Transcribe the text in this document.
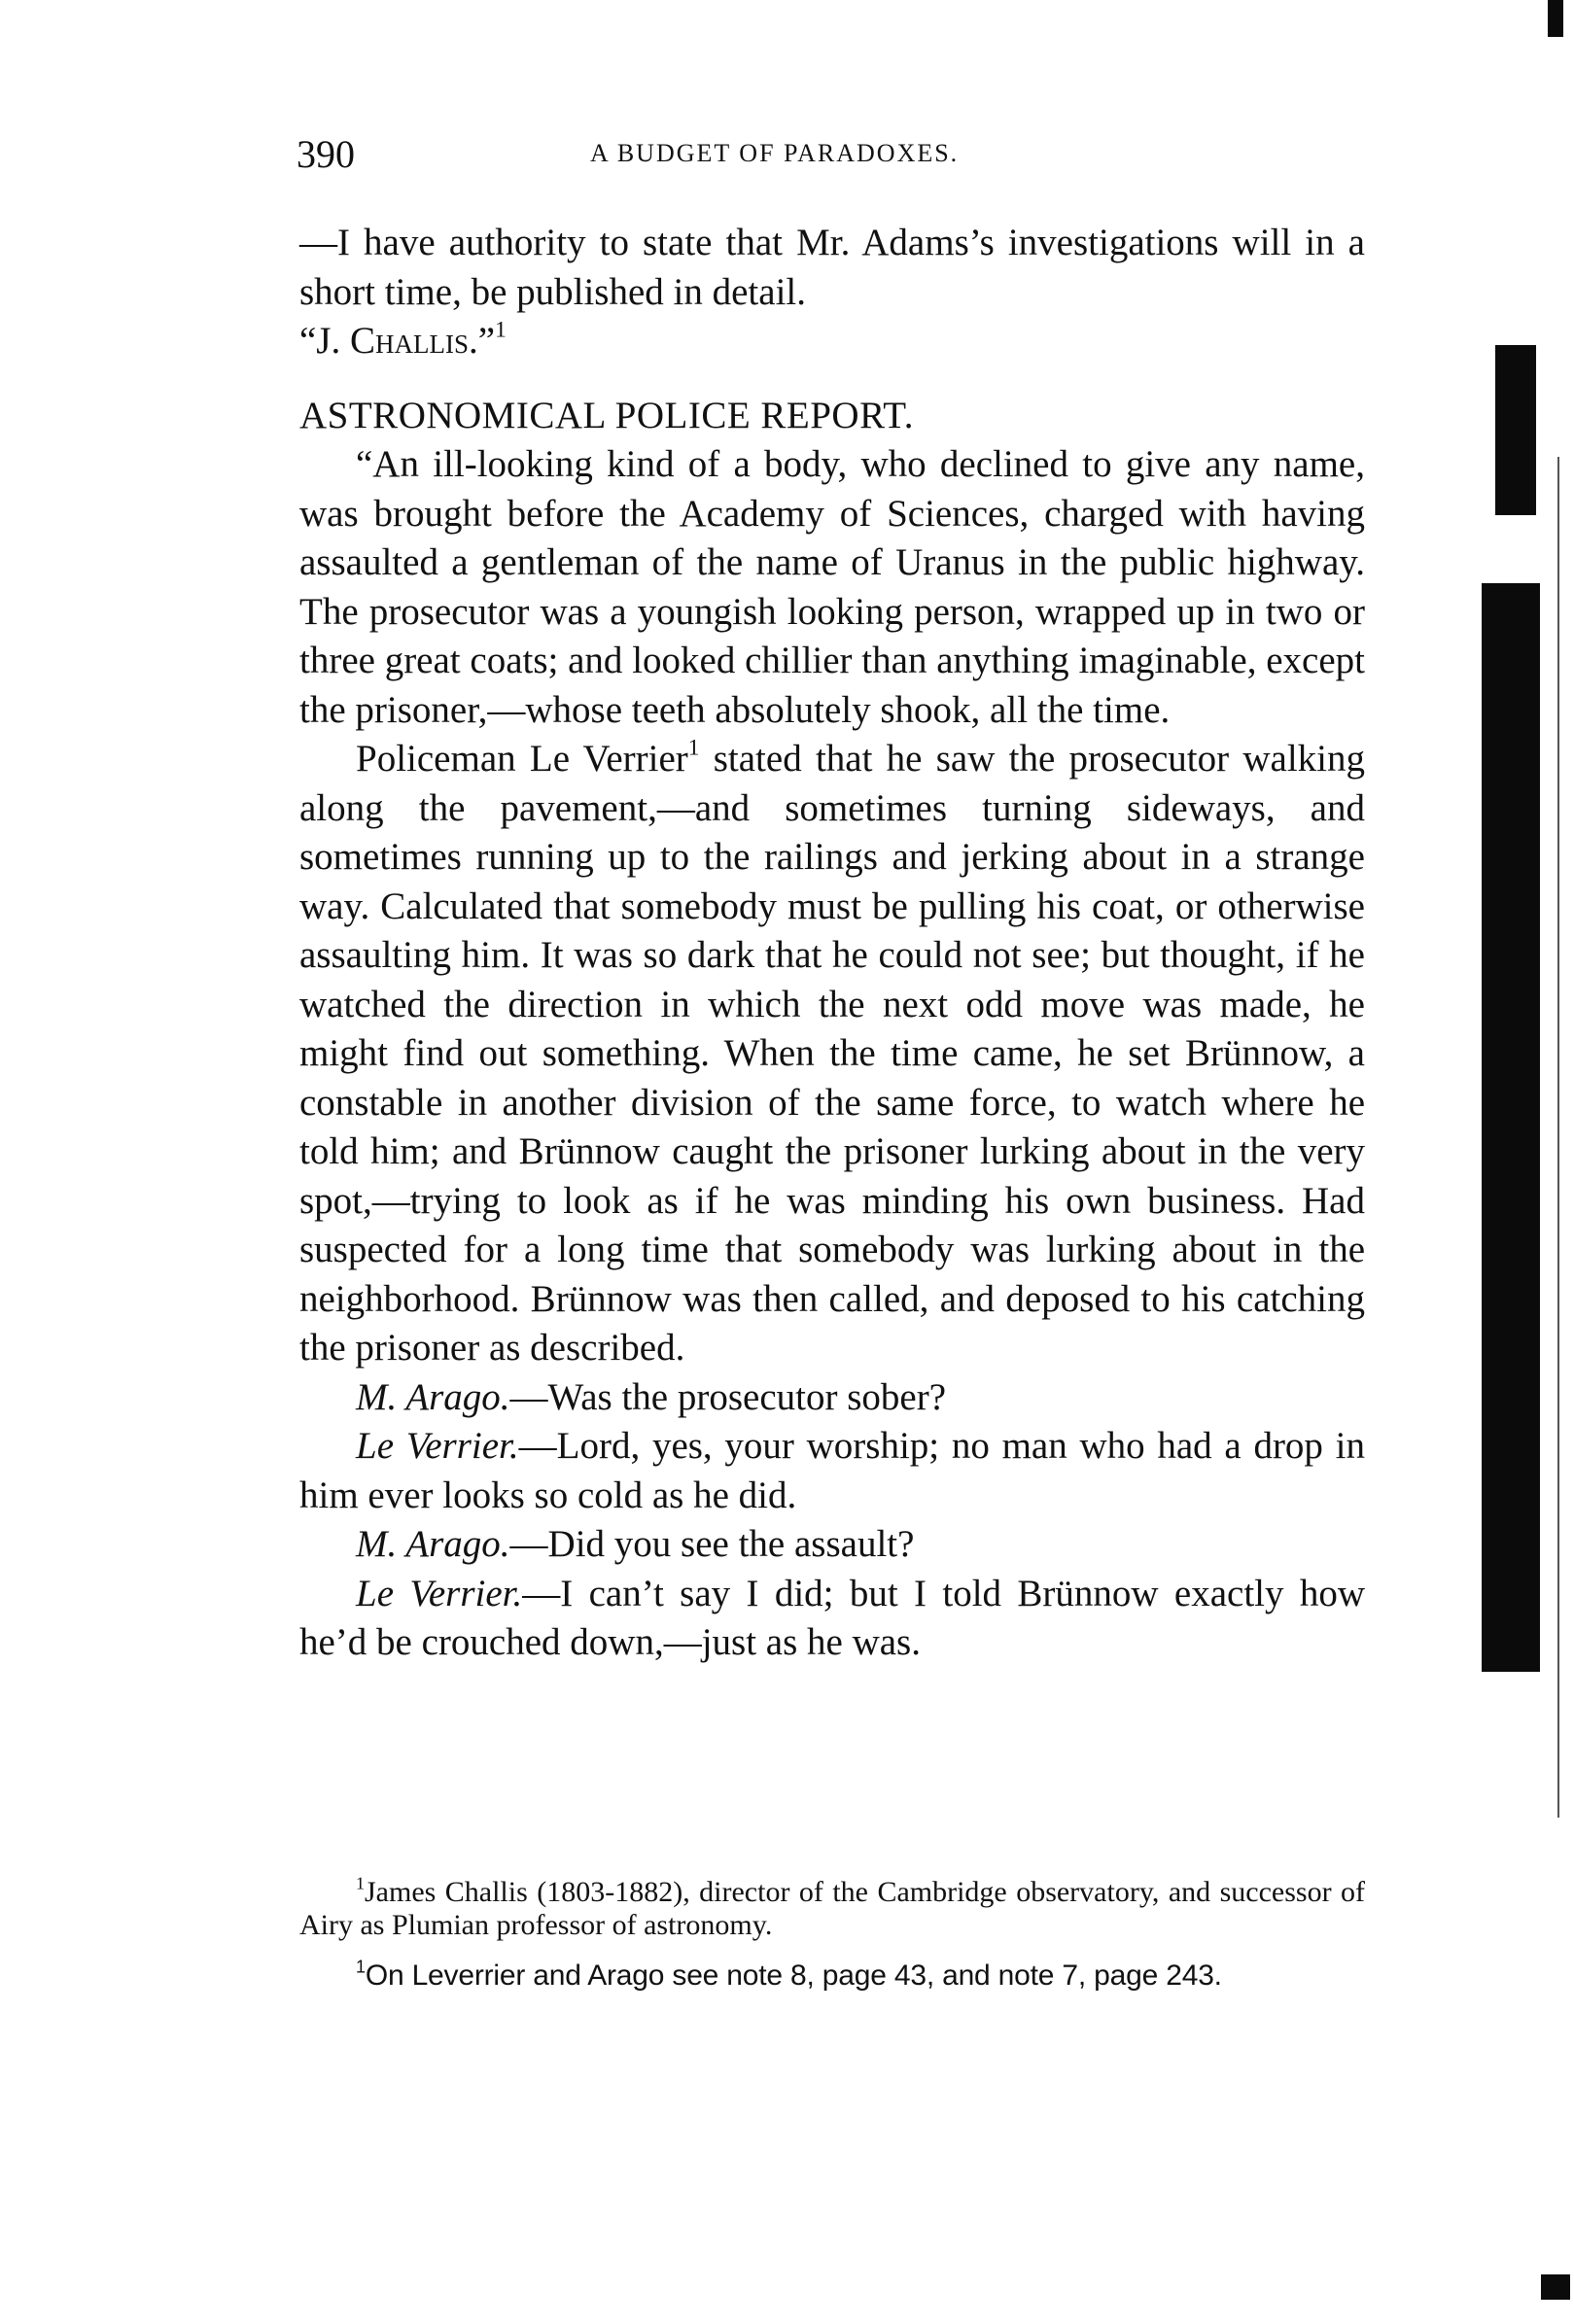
390	A BUDGET OF PARADOXES.

—I have authority to state that Mr. Adams’s investigations will in a short time, be published in detail.

“J. Challis.”$^1$

ASTRONOMICAL POLICE REPORT.

“An ill-looking kind of a body, who declined to give any name, was brought before the Academy of Sciences, charged with having assaulted a gentleman of the name of Uranus in the public highway. The prosecutor was a youngish looking person, wrapped up in two or three great coats; and looked chillier than anything imaginable, except the prisoner,—whose teeth absolutely shook, all the time.

Policeman Le Verrier$^1$ stated that he saw the prosecutor walking along the pavement,—and sometimes turning sideways, and sometimes running up to the railings and jerking about in a strange way. Calculated that somebody must be pulling his coat, or otherwise assaulting him. It was so dark that he could not see; but thought, if he watched the direction in which the next odd move was made, he might find out something. When the time came, he set Brünnow, a constable in another division of the same force, to watch where he told him; and Brünnow caught the prisoner lurking about in the very spot,—trying to look as if he was minding his own business. Had suspected for a long time that somebody was lurking about in the neighborhood. Brünnow was then called, and deposed to his catching the prisoner as described.

M. Arago.—Was the prosecutor sober?

Le Verrier.—Lord, yes, your worship; no man who had a drop in him ever looks so cold as he did.

M. Arago.—Did you see the assault?

Le Verrier.—I can’t say I did; but I told Brünnow exactly how he’d be crouched down,—just as he was.

$^1$James Challis (1803-1882), director of the Cambridge observatory, and successor of Airy as Plumian professor of astronomy.

$^1$On Leverrier and Arago see note 8, page 43, and note 7, page 243.
